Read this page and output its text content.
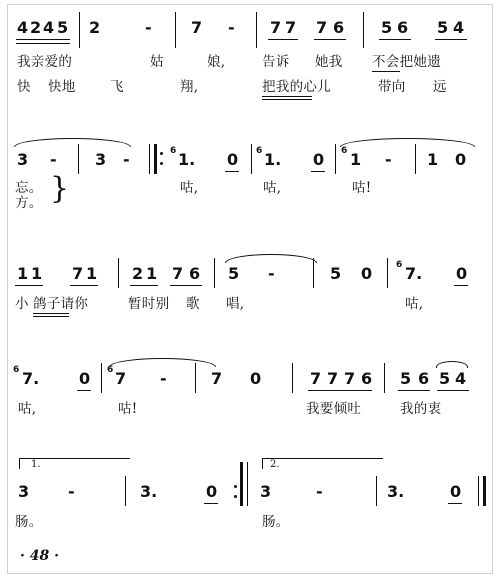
4 2 4 5 2	- 7 - 7 7 7 6 5 6 5 4
我亲爱的	姑	娘,	告诉 她我 不会把她遗
快 快地	飞	翔,	把我的心儿	带向 远
3 - 3 -	6 1. 0 6 1. 0 6 1 - 1 0
忘。
方。 }	咕,	咕,	咕!
1 1 7 1 2 1 7 6 5 -	5 0	6 7. 0
小 鸽子请你	暂时别 歌 唱,	咕,
6 7. 0 6 7 -	7 0	7 7 7 6 5 6 5 4
咕,	咕!	我要倾吐	我的衷
1.	2.
3 -	3.	0	3	-	3.	0
肠。	肠。
· 48 ·
